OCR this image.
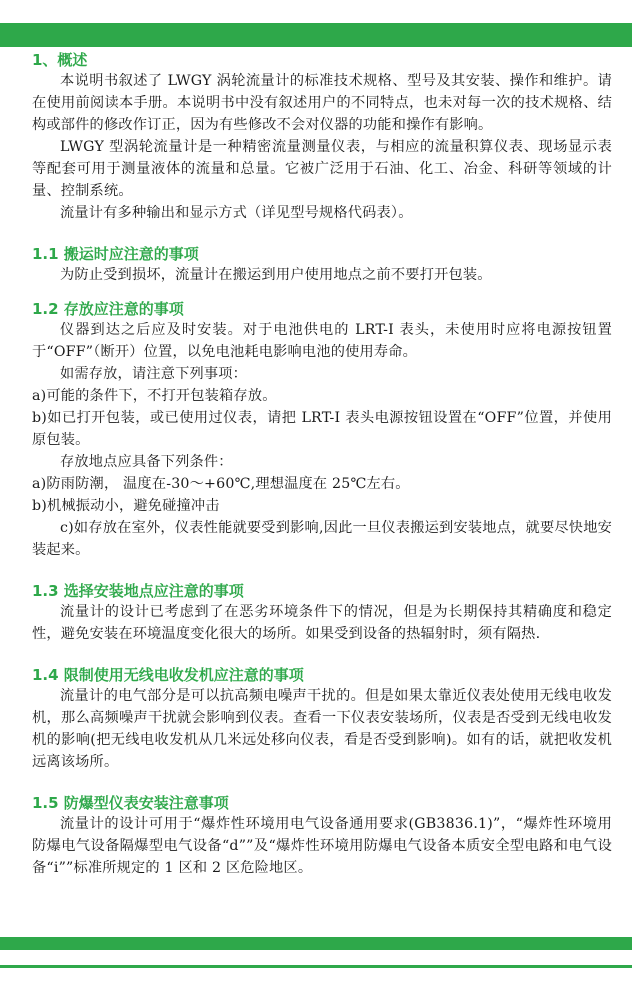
1、概述

本说明书叙述了 LWGY 涡轮流量计的标准技术规格、型号及其安装、操作和维护。请在使用前阅读本手册。本说明书中没有叙述用户的不同特点，也未对每一次的技术规格、结构或部件的修改作订正，因为有些修改不会对仪器的功能和操作有影响。

LWGY 型涡轮流量计是一种精密流量测量仪表，与相应的流量积算仪表、现场显示表等配套可用于测量液体的流量和总量。它被广泛用于石油、化工、冶金、科研等领域的计量、控制系统。

流量计有多种输出和显示方式（详见型号规格代码表）。

1.1 搬运时应注意的事项

为防止受到损坏，流量计在搬运到用户使用地点之前不要打开包装。

1.2 存放应注意的事项

仪器到达之后应及时安装。对于电池供电的 LRT-I 表头，未使用时应将电源按钮置于“OFF”（断开）位置，以免电池耗电影响电池的使用寿命。

如需存放，请注意下列事项：

a)可能的条件下，不打开包装箱存放。

b)如已打开包装，或已使用过仪表，请把 LRT-I 表头电源按钮设置在“OFF”位置，并使用原包装。

存放地点应具备下列条件：

a)防雨防潮， 温度在-30～+60℃,理想温度在 25℃左右。

b)机械振动小，避免碰撞冲击

c)如存放在室外，仪表性能就要受到影响,因此一旦仪表搬运到安装地点，就要尽快地安装起来。

1.3 选择安装地点应注意的事项

流量计的设计已考虑到了在恶劣环境条件下的情况，但是为长期保持其精确度和稳定性，避免安装在环境温度变化很大的场所。如果受到设备的热辐射时，须有隔热.

1.4 限制使用无线电收发机应注意的事项

流量计的电气部分是可以抗高频电噪声干扰的。但是如果太靠近仪表处使用无线电收发机，那么高频噪声干扰就会影响到仪表。查看一下仪表安装场所，仪表是否受到无线电收发机的影响(把无线电收发机从几米远处移向仪表，看是否受到影响)。如有的话，就把收发机远离该场所。

1.5 防爆型仪表安装注意事项

流量计的设计可用于“爆炸性环境用电气设备通用要求(GB3836.1)”，“爆炸性环境用防爆电气设备隔爆型电气设备“d””及“爆炸性环境用防爆电气设备本质安全型电路和电气设备“i””标准所规定的 1 区和 2 区危险地区。
